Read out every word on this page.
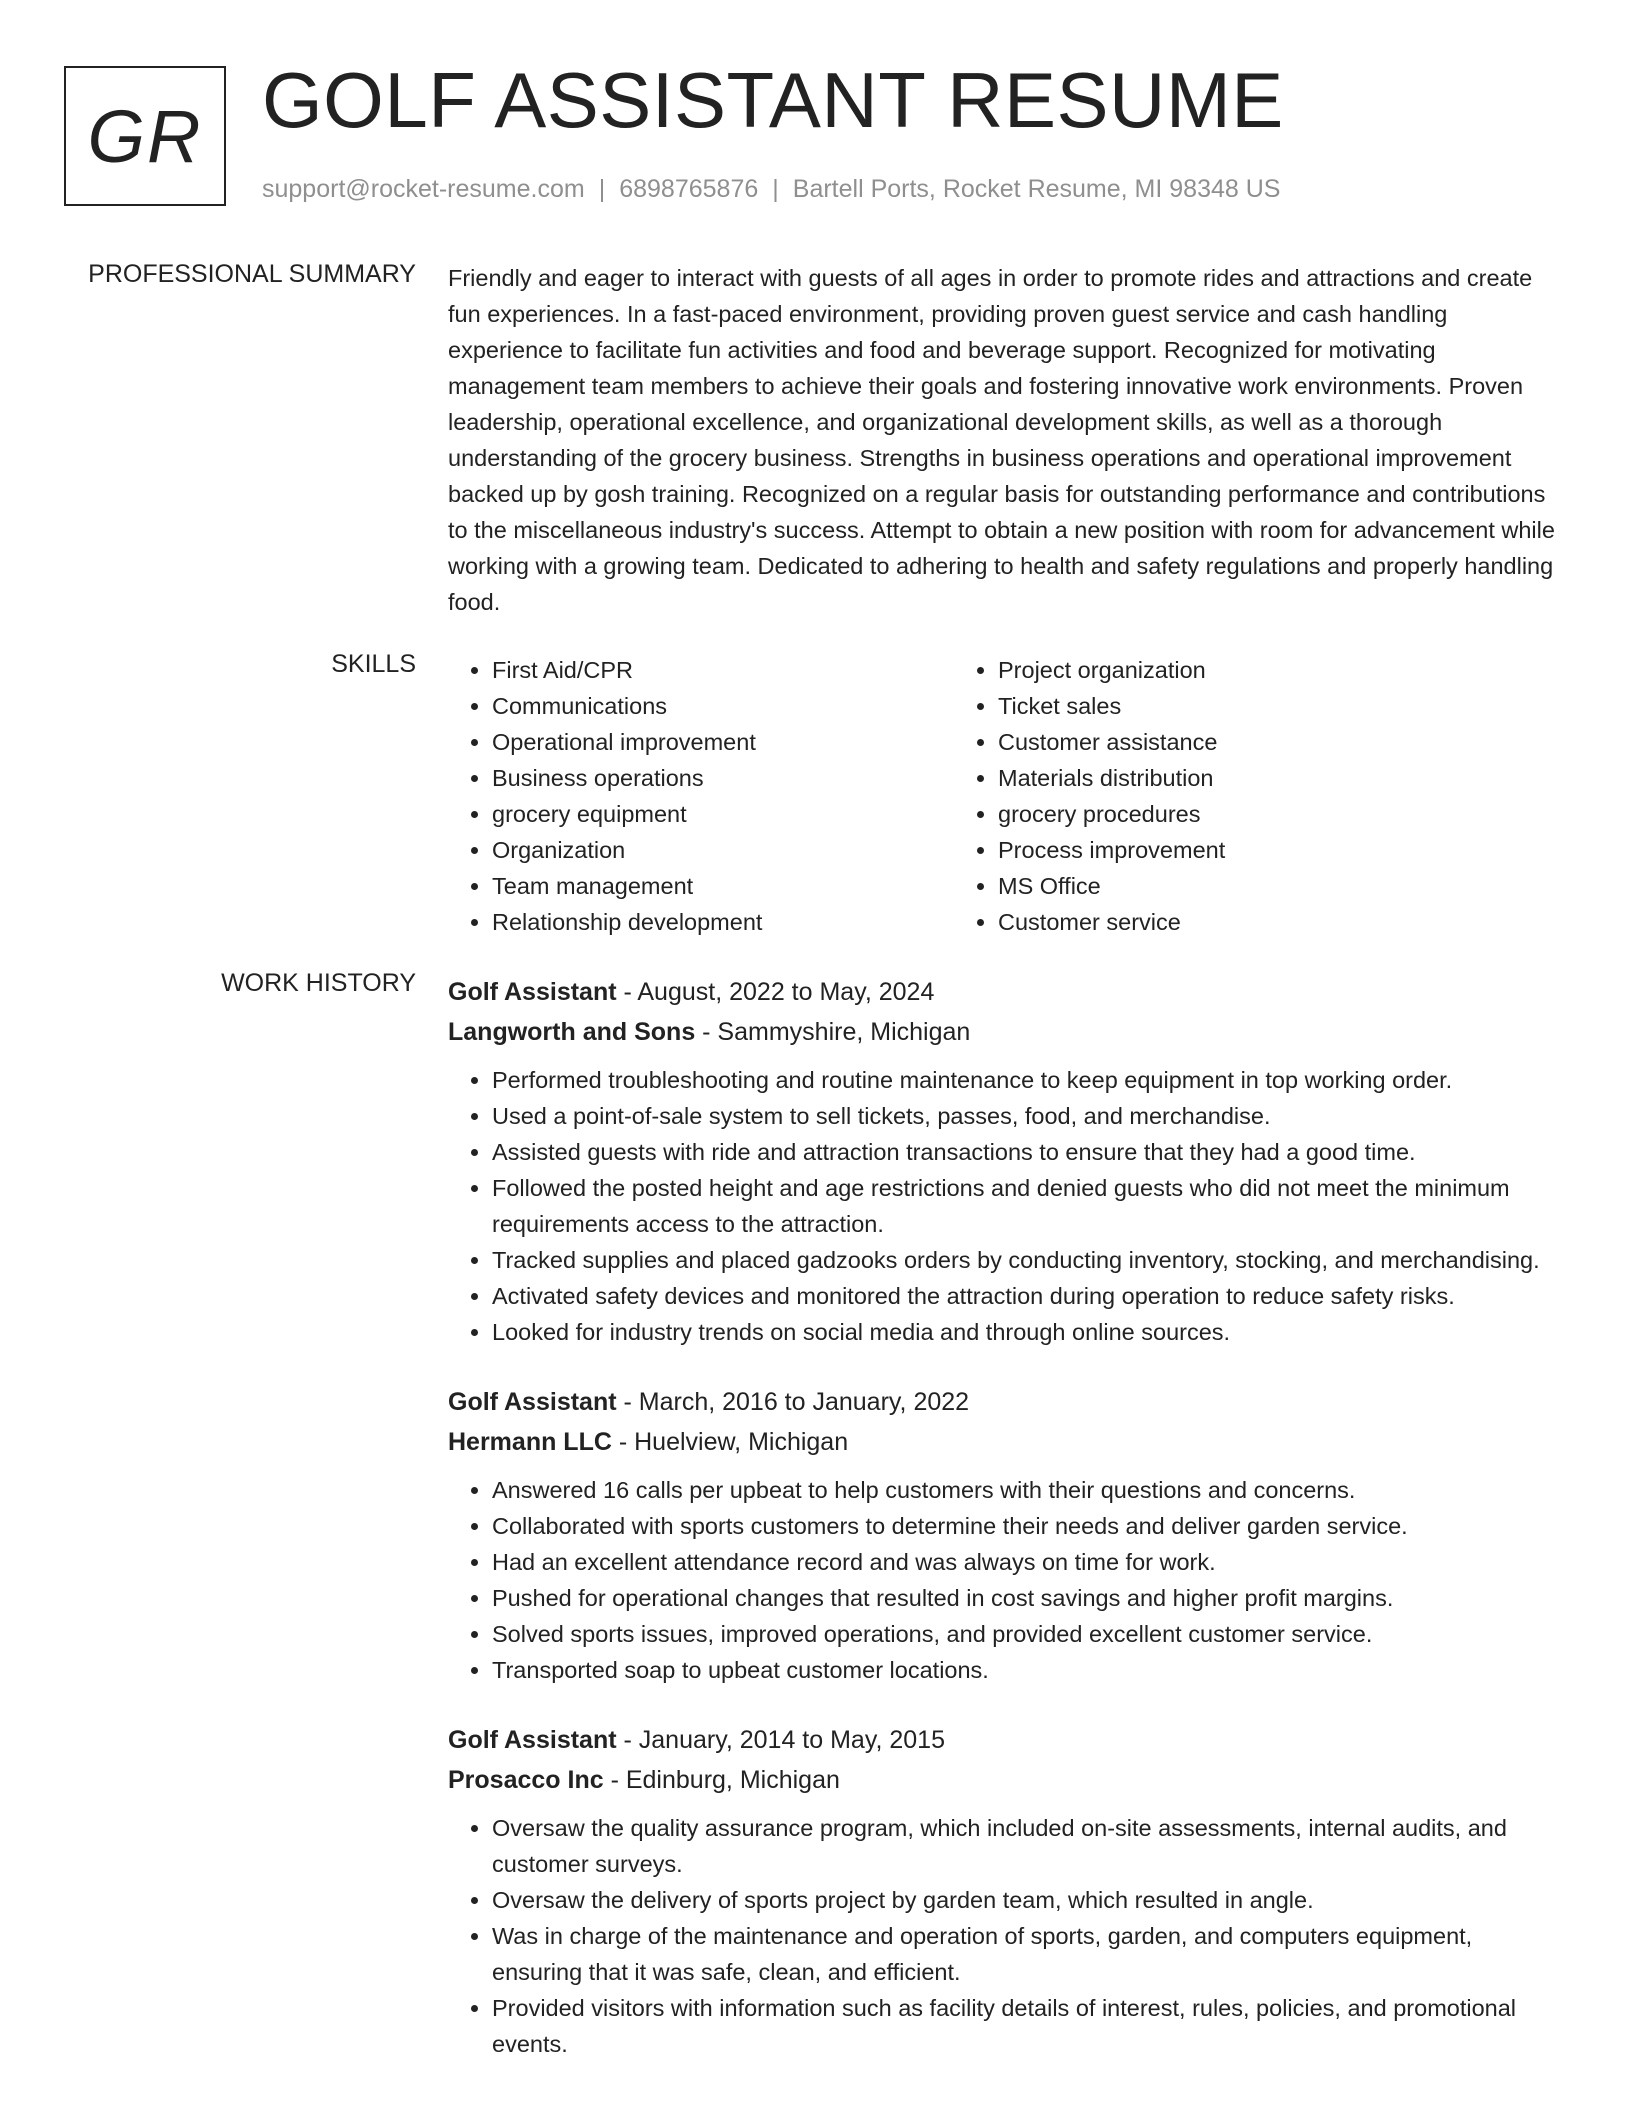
GR GOLF ASSISTANT RESUME
support@rocket-resume.com | 6898765876 | Bartell Ports, Rocket Resume, MI 98348 US
PROFESSIONAL SUMMARY Friendly and eager to interact with guests of all ages in order to promote rides and attractions and create fun experiences. In a fast-paced environment, providing proven guest service and cash handling experience to facilitate fun activities and food and beverage support. Recognized for motivating management team members to achieve their goals and fostering innovative work environments. Proven leadership, operational excellence, and organizational development skills, as well as a thorough understanding of the grocery business. Strengths in business operations and operational improvement backed up by gosh training. Recognized on a regular basis for outstanding performance and contributions to the miscellaneous industry's success. Attempt to obtain a new position with room for advancement while working with a growing team. Dedicated to adhering to health and safety regulations and properly handling food.
SKILLS
•	First Aid/CPR
• Communications
• Operational improvement
• Business operations
• grocery equipment
• Organization
• Team management
• Relationship development
• Project organization
• Ticket sales
• Customer assistance
• Materials distribution
• grocery procedures
• Process improvement
• MS Office
• Customer service
WORK HISTORY Golf Assistant - August, 2022 to May, 2024
Langworth and Sons - Sammyshire, Michigan
• Performed troubleshooting and routine maintenance to keep equipment in top working order.
• Used a point-of-sale system to sell tickets, passes, food, and merchandise.
• Assisted guests with ride and attraction transactions to ensure that they had a good time.
• Followed the posted height and age restrictions and denied guests who did not meet the minimum requirements access to the attraction.
• Tracked supplies and placed gadzooks orders by conducting inventory, stocking, and merchandising.
• Activated safety devices and monitored the attraction during operation to reduce safety risks.
• Looked for industry trends on social media and through online sources.
Golf Assistant - March, 2016 to January, 2022
Hermann LLC - Huelview, Michigan
• Answered 16 calls per upbeat to help customers with their questions and concerns.
• Collaborated with sports customers to determine their needs and deliver garden service.
• Had an excellent attendance record and was always on time for work.
• Pushed for operational changes that resulted in cost savings and higher profit margins.
• Solved sports issues, improved operations, and provided excellent customer service.
• Transported soap to upbeat customer locations.
Golf Assistant - January, 2014 to May, 2015
Prosacco Inc - Edinburg, Michigan
• Oversaw the quality assurance program, which included on-site assessments, internal audits, and customer surveys.
• Oversaw the delivery of sports project by garden team, which resulted in angle.
• Was in charge of the maintenance and operation of sports, garden, and computers equipment, ensuring that it was safe, clean, and efficient.
• Provided visitors with information such as facility details of interest, rules, policies, and promotional events.
